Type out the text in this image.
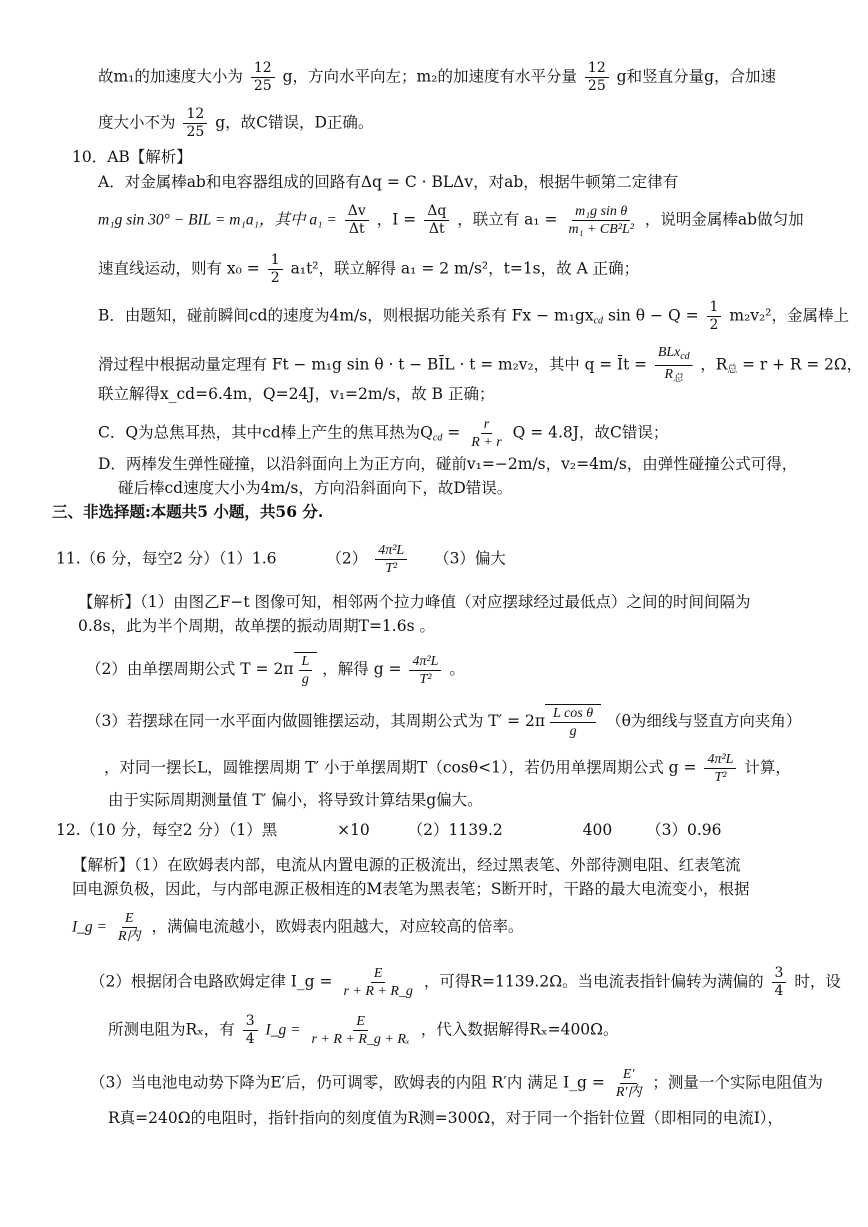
故m₁的加速度大小为 $\frac{12}{25}$ g，方向水平向左；m₂的加速度有水平分量 $\frac{12}{25}$ g和竖直分量g，合加速
度大小不为 $\frac{12}{25}$ g，故C错误，D正确。
10．AB【解析】
A．对金属棒ab和电容器组成的回路有Δq = C · BLΔv，对ab，根据牛顿第二定律有
m₁g sin 30° − BIL = m₁a₁，其中 $a_1 = \frac{\Delta v}{\Delta t}$ ，$I = \frac{\Delta q}{\Delta t}$ ，联立有 $a_1 = \frac{\text{m₁g sin θ}}{\text{m₁ + CB²L²}}$ ，说明金属棒ab做匀加
速直线运动，则有 $x_0 = \frac{1}{2} a_1t^2$，联立解得 a₁ = 2 m/s²，t=1s，故 A 正确；
B．由题知，碰前瞬间cd的速度为4m/s，则根据功能关系有 $Fx - m_1gx_{cd}$ $\sin \theta - Q = \frac{1}{2} m_2v_2^2$，金属棒上
滑过程中根据动量定理有 Ft − m₁g sin θ · t − BĪL · t = m₂v₂，其中 q = Īt = $\frac{BLx_{cd}}{R_总}$ ，$R_总 = r + R = 2\Omega$，
联立解得x_cd=6.4m，Q=24J，v₁=2m/s，故 B 正确；
C．Q为总焦耳热，其中cd棒上产生的焦耳热为$Q_{cd} = \frac{r}{R + r}$ Q = 4.8J，故C错误；
D．两棒发生弹性碰撞，以沿斜面向上为正方向，碰前v₁=−2m/s，v₂=4m/s，由弹性碰撞公式可得，
碰后棒cd速度大小为4m/s，方向沿斜面向下，故D错误。
三、非选择题:本题共5 小题，共56 分.
11.（6 分，每空2 分）（1）1.6	$(2) \frac{\text{4π²L}}{\text{T²}} (3)$偏大
【解析】（1）由图乙F−t 图像可知，相邻两个拉力峰值（对应摆球经过最低点）之间的时间间隔为
0.8s，此为半个周期，故单摆的振动周期T=1.6s 。
（2）由单摆周期公式 $T = 2\pi \frac{L}{g}$ ，解得 $g = \frac{\text{4π²L}}{\text{T²}}$ 。
（3）若摆球在同一水平面内做圆锥摆运动，其周期公式为 $T' = 2\pi \frac{\text{L cos θ}}{g} (\theta$为细线与竖直方向夹角）
，对同一摆长L，圆锥摆周期 T′ 小于单摆周期T（cosθ<1），若仍用单摆周期公式 $g = \frac{\text{4π²L}}{\text{T²}}$ 计算，
由于实际周期测量值 T′ 偏小，将导致计算结果g偏大。
12.（10 分，每空2 分）（1）黑	×10 （2）1139.2	400 （3）0.96
【解析】（1）在欧姆表内部，电流从内置电源的正极流出，经过黑表笔、外部待测电阻、红表笔流
回电源负极，因此，与内部电源正极相连的M表笔为黑表笔；S断开时，干路的最大电流变小，根据
I_g = $\frac{E}{\text{R内}}$ ，满偏电流越小，欧姆表内阻越大，对应较高的倍率。
（2）根据闭合电路欧姆定律 I_g = $\frac{E}{r + R + R\_g}$ ，可得R=1139.2Ω。当电流表指针偏转为满偏的 $\frac{3}{4}$ 时，设
所测电阻为Rₓ，有 $\frac{3}{4}$ I_g = $\frac{E}{\text{r + R + R\_g + Rₓ}}$ ，代入数据解得Rₓ=400Ω。
（3）当电池电动势下降为E′后，仍可调零，欧姆表的内阻 R′内 满足 I_g = $\frac{E'}{\text{R′内}}$ ；测量一个实际电阻值为
R真=240Ω的电阻时，指针指向的刻度值为R测=300Ω，对于同一个指针位置（即相同的电流I），
